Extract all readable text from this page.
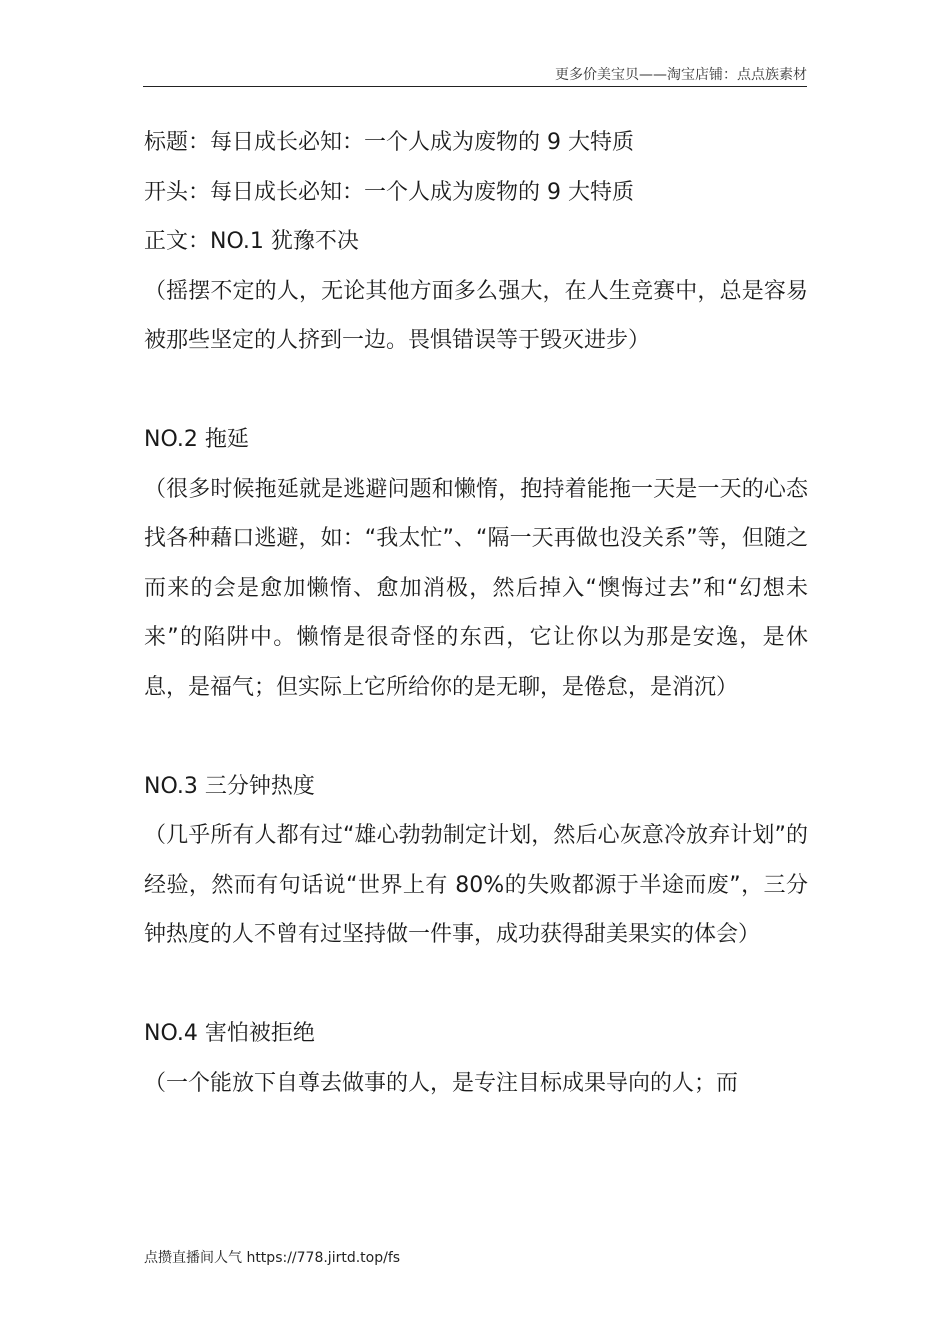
更多价美宝贝——淘宝店铺：点点族素材
标题：每日成长必知：一个人成为废物的 9 大特质
开头：每日成长必知：一个人成为废物的 9 大特质
正文：NO.1 犹豫不决
（摇摆不定的人，无论其他方面多么强大，在人生竞赛中，总是容易被那些坚定的人挤到一边。畏惧错误等于毁灭进步）
NO.2 拖延
（很多时候拖延就是逃避问题和懒惰，抱持着能拖一天是一天的心态找各种藉口逃避，如：“我太忙”、“隔一天再做也没关系”等，但随之而来的会是愈加懒惰、愈加消极，然后掉入“懊悔过去”和“幻想未来”的陷阱中。懒惰是很奇怪的东西，它让你以为那是安逸，是休息，是福气；但实际上它所给你的是无聊，是倦怠，是消沉）
NO.3 三分钟热度
（几乎所有人都有过“雄心勃勃制定计划，然后心灰意冷放弃计划”的经验，然而有句话说“世界上有 80%的失败都源于半途而废”，三分钟热度的人不曾有过坚持做一件事，成功获得甜美果实的体会）
NO.4 害怕被拒绝
（一个能放下自尊去做事的人，是专注目标成果导向的人；而
点攒直播间人气 https://778.jirtd.top/fs
